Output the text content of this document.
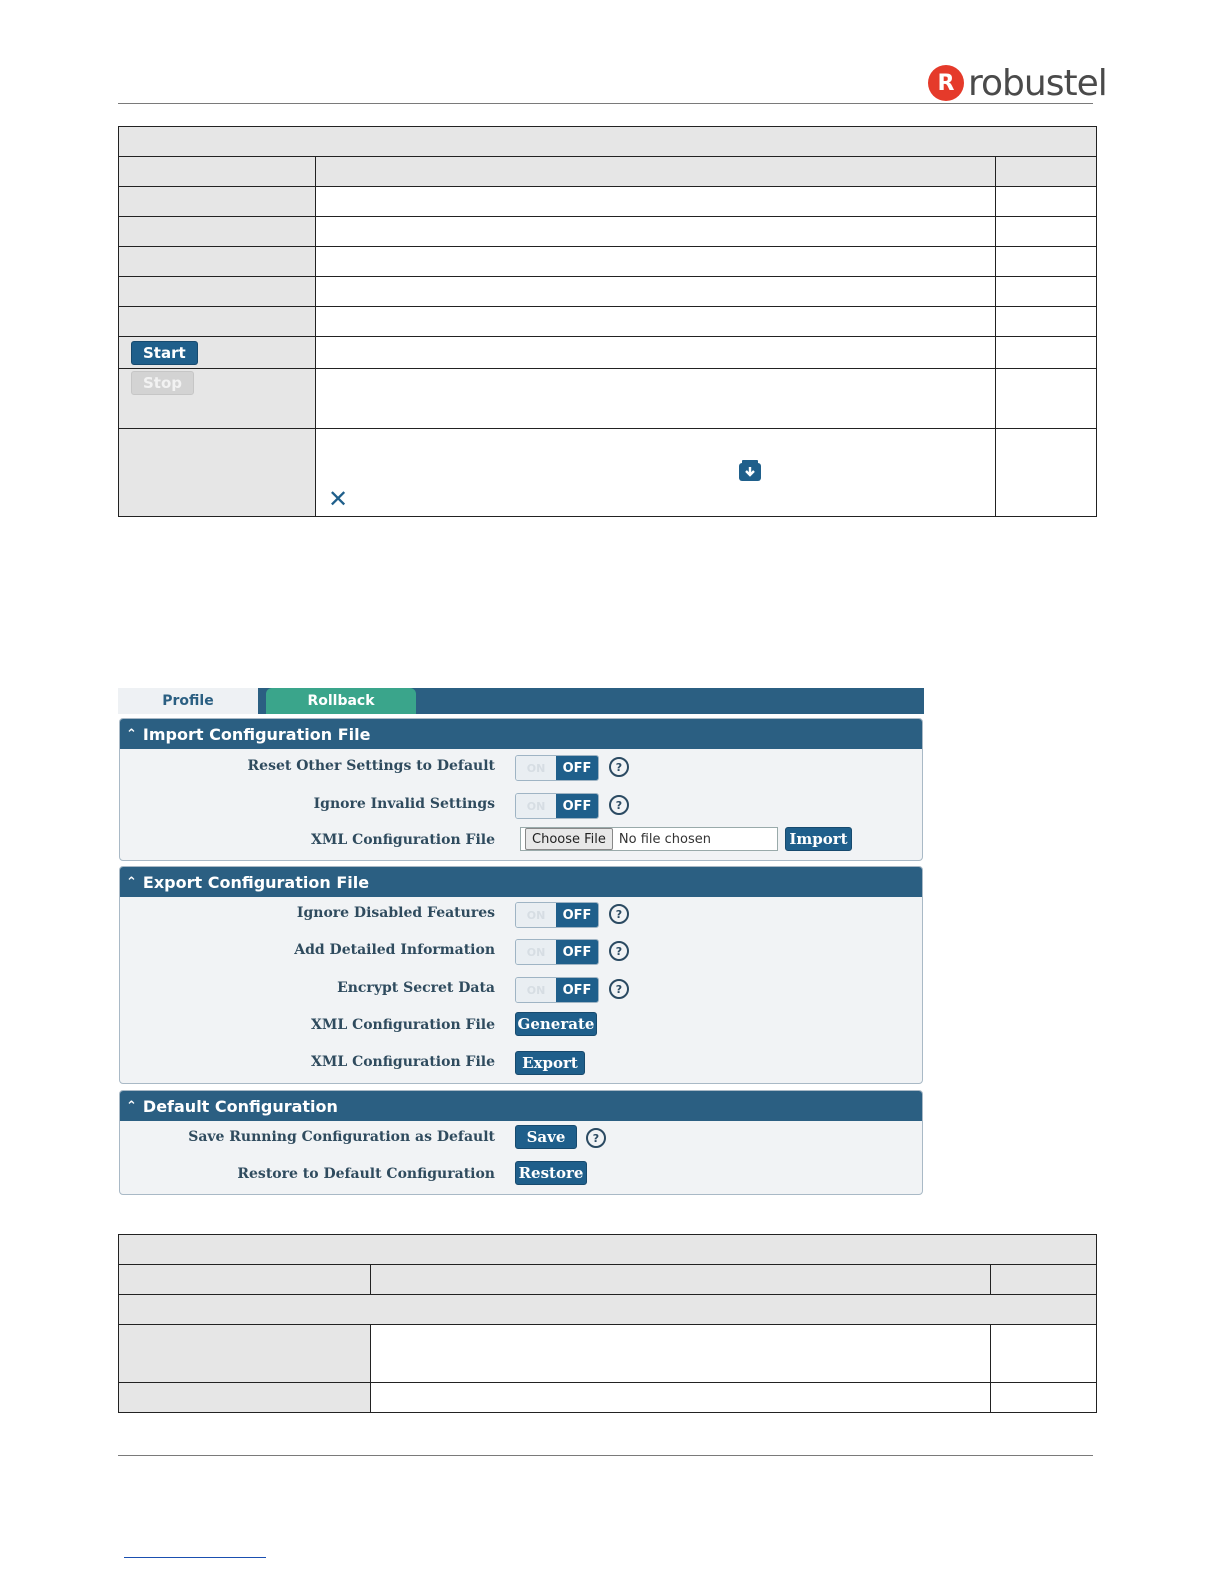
R robustel

Start		
Stop		

	✕	

Profile	Rollback
⌃ Import Configuration File
Reset Other Settings to Default	ON	OFF	?
Ignore Invalid Settings	ON	OFF	?
XML Configuration File	Choose File	No file chosen	Import
⌃ Export Configuration File
Ignore Disabled Features	ON	OFF	?
Add Detailed Information	ON	OFF	?
Encrypt Secret Data	ON	OFF	?
XML Configuration File Generate
XML Configuration File	Export
⌃ Default Configuration
Save Running Configuration as Default	Save	?
Restore to Default Configuration Restore
